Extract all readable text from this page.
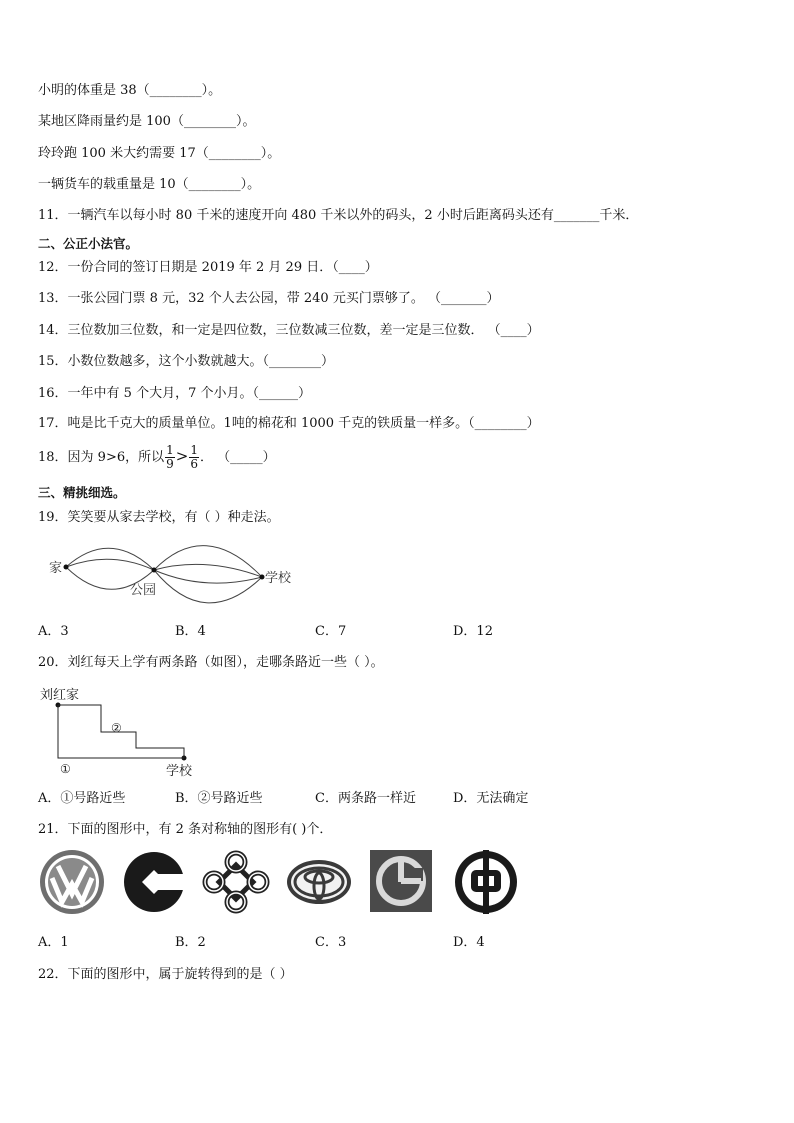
小明的体重是 38（________）。
某地区降雨量约是 100（________）。
玲玲跑 100 米大约需要 17（________）。
一辆货车的载重量是 10（________）。
11．一辆汽车以每小时 80 千米的速度开向 480 千米以外的码头，2 小时后距离码头还有_______千米．
二、公正小法官。
12．一份合同的签订日期是 2019 年 2 月 29 日．（____）
13．一张公园门票 8 元，32 个人去公园，带 240 元买门票够了。 （_______）
14．三位数加三位数，和一定是四位数，三位数减三位数，差一定是三位数． （____）
15．小数位数越多，这个小数就越大。（________）
16．一年中有 5 个大月，7 个小月。（______）
17．吨是比千克大的质量单位。1吨的棉花和 1000 千克的铁质量一样多。（________）
18．因为 9>6，所以 $\frac{1}{9} > \frac{1}{6}$ ． （_____）
三、精挑细选。
19．笑笑要从家去学校，有（ ）种走法。
家
公园
学校
A．3	B．4	C．7	D．12
20．刘红每天上学有两条路（如图），走哪条路近一些（ ）。
刘红家
②
①	学校
A．①号路近些	B．②号路近些	C．两条路一样近	D．无法确定
21．下面的图形中，有 2 条对称轴的图形有( )个．
A．1	B．2	C．3	D．4
22．下面的图形中，属于旋转得到的是（ ）
